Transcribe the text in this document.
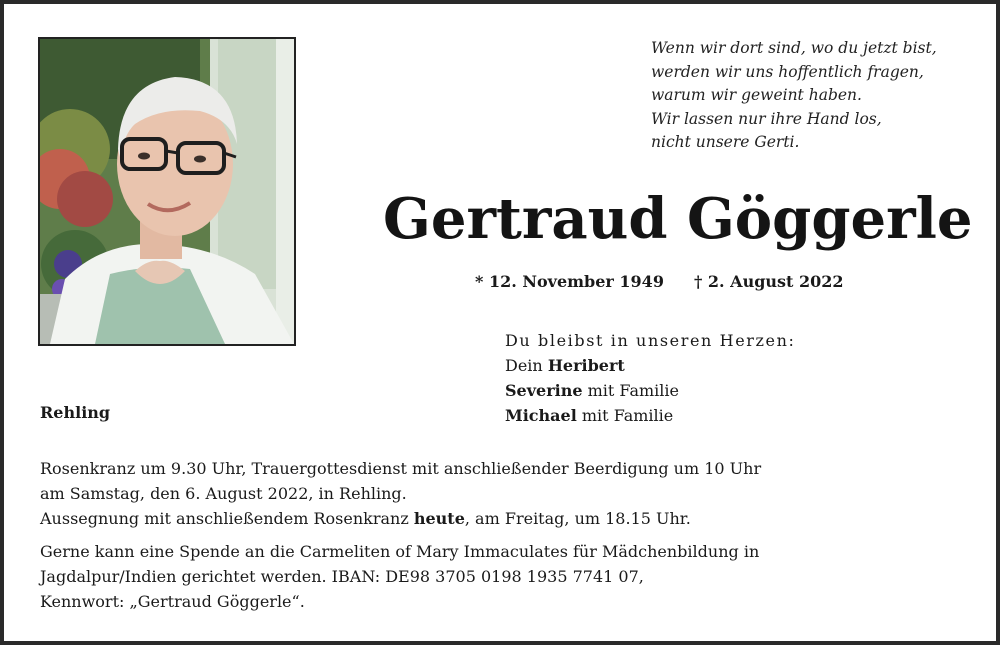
Wenn wir dort sind, wo du jetzt bist,
werden wir uns hoffentlich fragen,
warum wir geweint haben.
Wir lassen nur ihre Hand los,
nicht unsere Gerti.
Gertraud Göggerle
* 12. November 1949 † 2. August 2022
Du bleibst in unseren Herzen:
Dein Heribert
Severine mit Familie
Michael mit Familie
Rehling
Rosenkranz um 9.30 Uhr, Trauergottesdienst mit anschließender Beerdigung um 10 Uhr
am Samstag, den 6. August 2022, in Rehling.
Aussegnung mit anschließendem Rosenkranz heute, am Freitag, um 18.15 Uhr.
Gerne kann eine Spende an die Carmeliten of Mary Immaculates für Mädchenbildung in
Jagdalpur/Indien gerichtet werden. IBAN: DE98 3705 0198 1935 7741 07,
Kennwort: „Gertraud Göggerle“.
